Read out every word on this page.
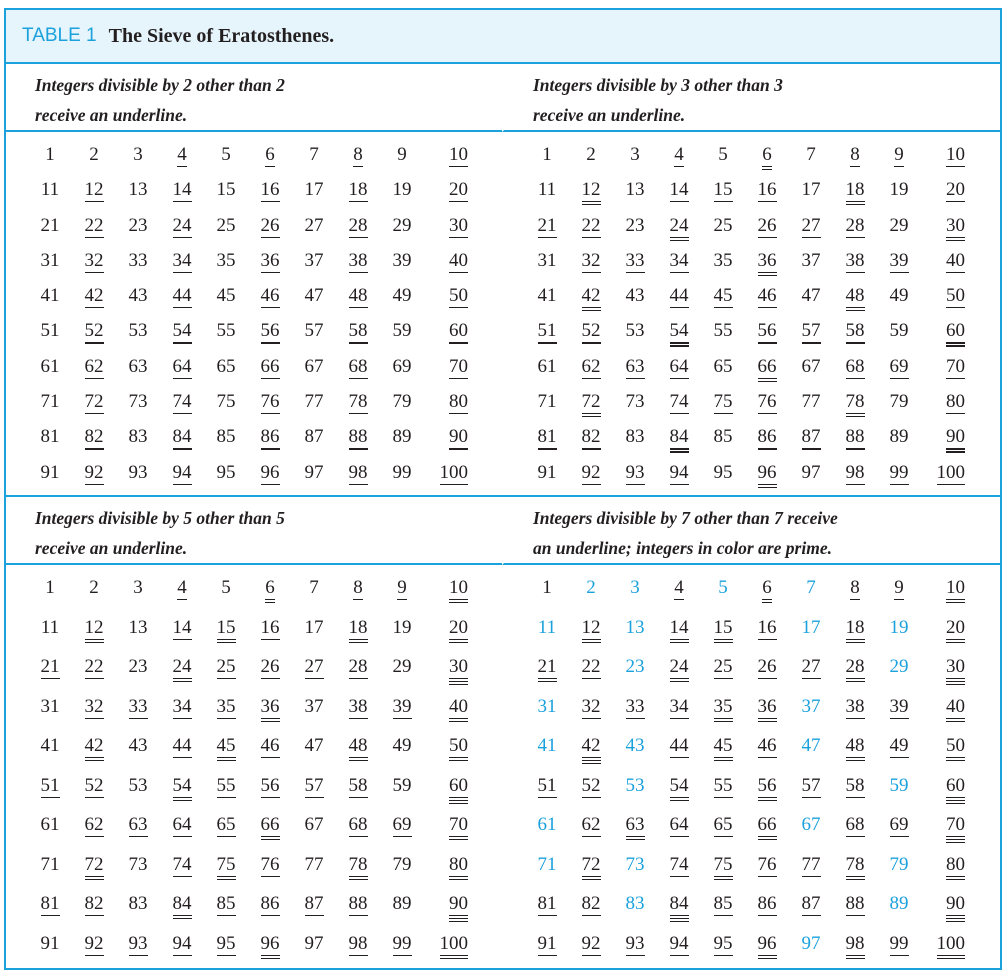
TABLE 1 The Sieve of Eratosthenes.
Integers divisible by 2 other than 2
receive an underline.
Integers divisible by 3 other than 3
receive an underline.
1	2	3	4	5	6	7	8	9	10
11	12	13	14	15	16	17	18	19	20
21	22	23	24	25	26	27	28	29	30
31	32	33	34	35	36	37	38	39	40
41	42	43	44	45	46	47	48	49	50
51	52	53	54	55	56	57	58	59	60
61	62	63	64	65	66	67	68	69	70
71	72	73	74	75	76	77	78	79	80
81	82	83	84	85	86	87	88	89	90
91	92	93	94	95	96	97	98	99	100
1	2	3	4	5	6	7	8	9	10
11	12	13	14	15	16	17	18	19	20
21	22	23	24	25	26	27	28	29	30
31	32	33	34	35	36	37	38	39	40
41	42	43	44	45	46	47	48	49	50
51	52	53	54	55	56	57	58	59	60
61	62	63	64	65	66	67	68	69	70
71	72	73	74	75	76	77	78	79	80
81	82	83	84	85	86	87	88	89	90
91	92	93	94	95	96	97	98	99	100
Integers divisible by 5 other than 5
receive an underline.
Integers divisible by 7 other than 7 receive
an underline; integers in color are prime.
1	2	3	4	5	6	7	8	9	10
11	12	13	14	15	16	17	18	19	20
21	22	23	24	25	26	27	28	29	30
31	32	33	34	35	36	37	38	39	40
41	42	43	44	45	46	47	48	49	50
51	52	53	54	55	56	57	58	59	60
61	62	63	64	65	66	67	68	69	70
71	72	73	74	75	76	77	78	79	80
81	82	83	84	85	86	87	88	89	90
91	92	93	94	95	96	97	98	99	100
1	2	3	4	5	6	7	8	9	10
11	12	13	14	15	16	17	18	19	20
21	22	23	24	25	26	27	28	29	30
31	32	33	34	35	36	37	38	39	40
41	42	43	44	45	46	47	48	49	50
51	52	53	54	55	56	57	58	59	60
61	62	63	64	65	66	67	68	69	70
71	72	73	74	75	76	77	78	79	80
81	82	83	84	85	86	87	88	89	90
91	92	93	94	95	96	97	98	99	100
